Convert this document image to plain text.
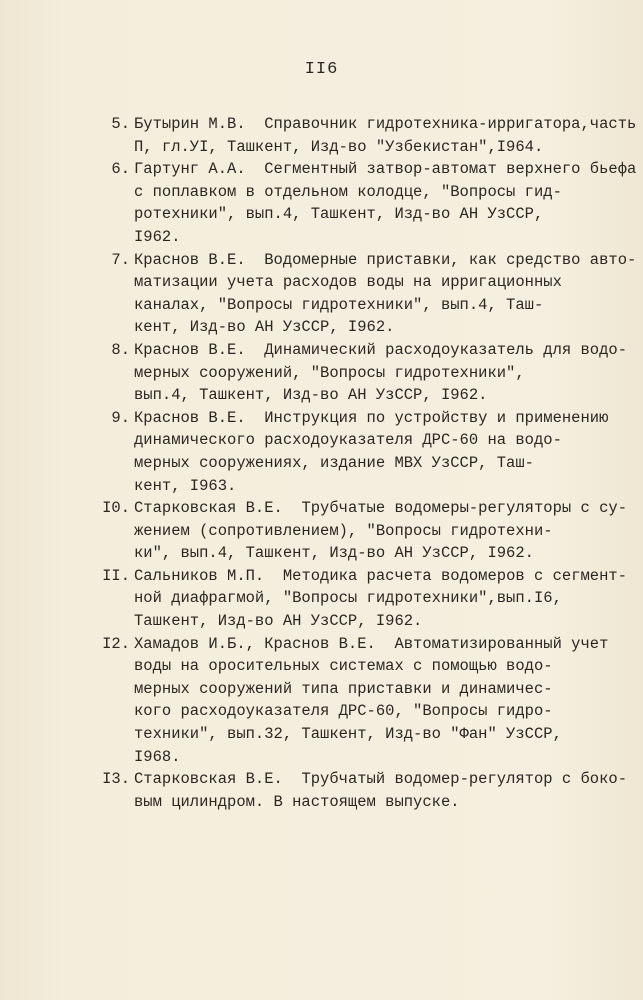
II6
5. Бутырин М.В. Справочник гидротехника-ирригатора,часть
П, гл.УI, Ташкент, Изд-во "Узбекистан",I964.
6. Гартунг А.А. Сегментный затвор-автомат верхнего бьефа
с поплавком в отдельном колодце, "Вопросы гид-
ротехники", вып.4, Ташкент, Изд-во АН УзССР,
I962.
7. Краснов В.Е. Водомерные приставки, как средство авто-
матизации учета расходов воды на ирригационных
каналах, "Вопросы гидротехники", вып.4, Таш-
кент, Изд-во АН УзССР, I962.
8. Краснов В.Е. Динамический расходоуказатель для водо-
мерных сооружений, "Вопросы гидротехники",
вып.4, Ташкент, Изд-во АН УзССР, I962.
9. Краснов В.Е. Инструкция по устройству и применению
динамического расходоуказателя ДРС-60 на водо-
мерных сооружениях, издание МВХ УзССР, Таш-
кент, I963.
I0. Старковская В.Е. Трубчатые водомеры-регуляторы с су-
жением (сопротивлением), "Вопросы гидротехни-
ки", вып.4, Ташкент, Изд-во АН УзССР, I962.
II. Сальников М.П. Методика расчета водомеров с сегмент-
ной диафрагмой, "Вопросы гидротехники",вып.I6,
Ташкент, Изд-во АН УзССР, I962.
I2. Хамадов И.Б., Краснов В.Е. Автоматизированный учет
воды на оросительных системах с помощью водо-
мерных сооружений типа приставки и динамичес-
кого расходоуказателя ДРС-60, "Вопросы гидро-
техники", вып.32, Ташкент, Изд-во "Фан" УзССР,
I968.
I3. Старковская В.Е. Трубчатый водомер-регулятор с боко-
вым цилиндром. В настоящем выпуске.
